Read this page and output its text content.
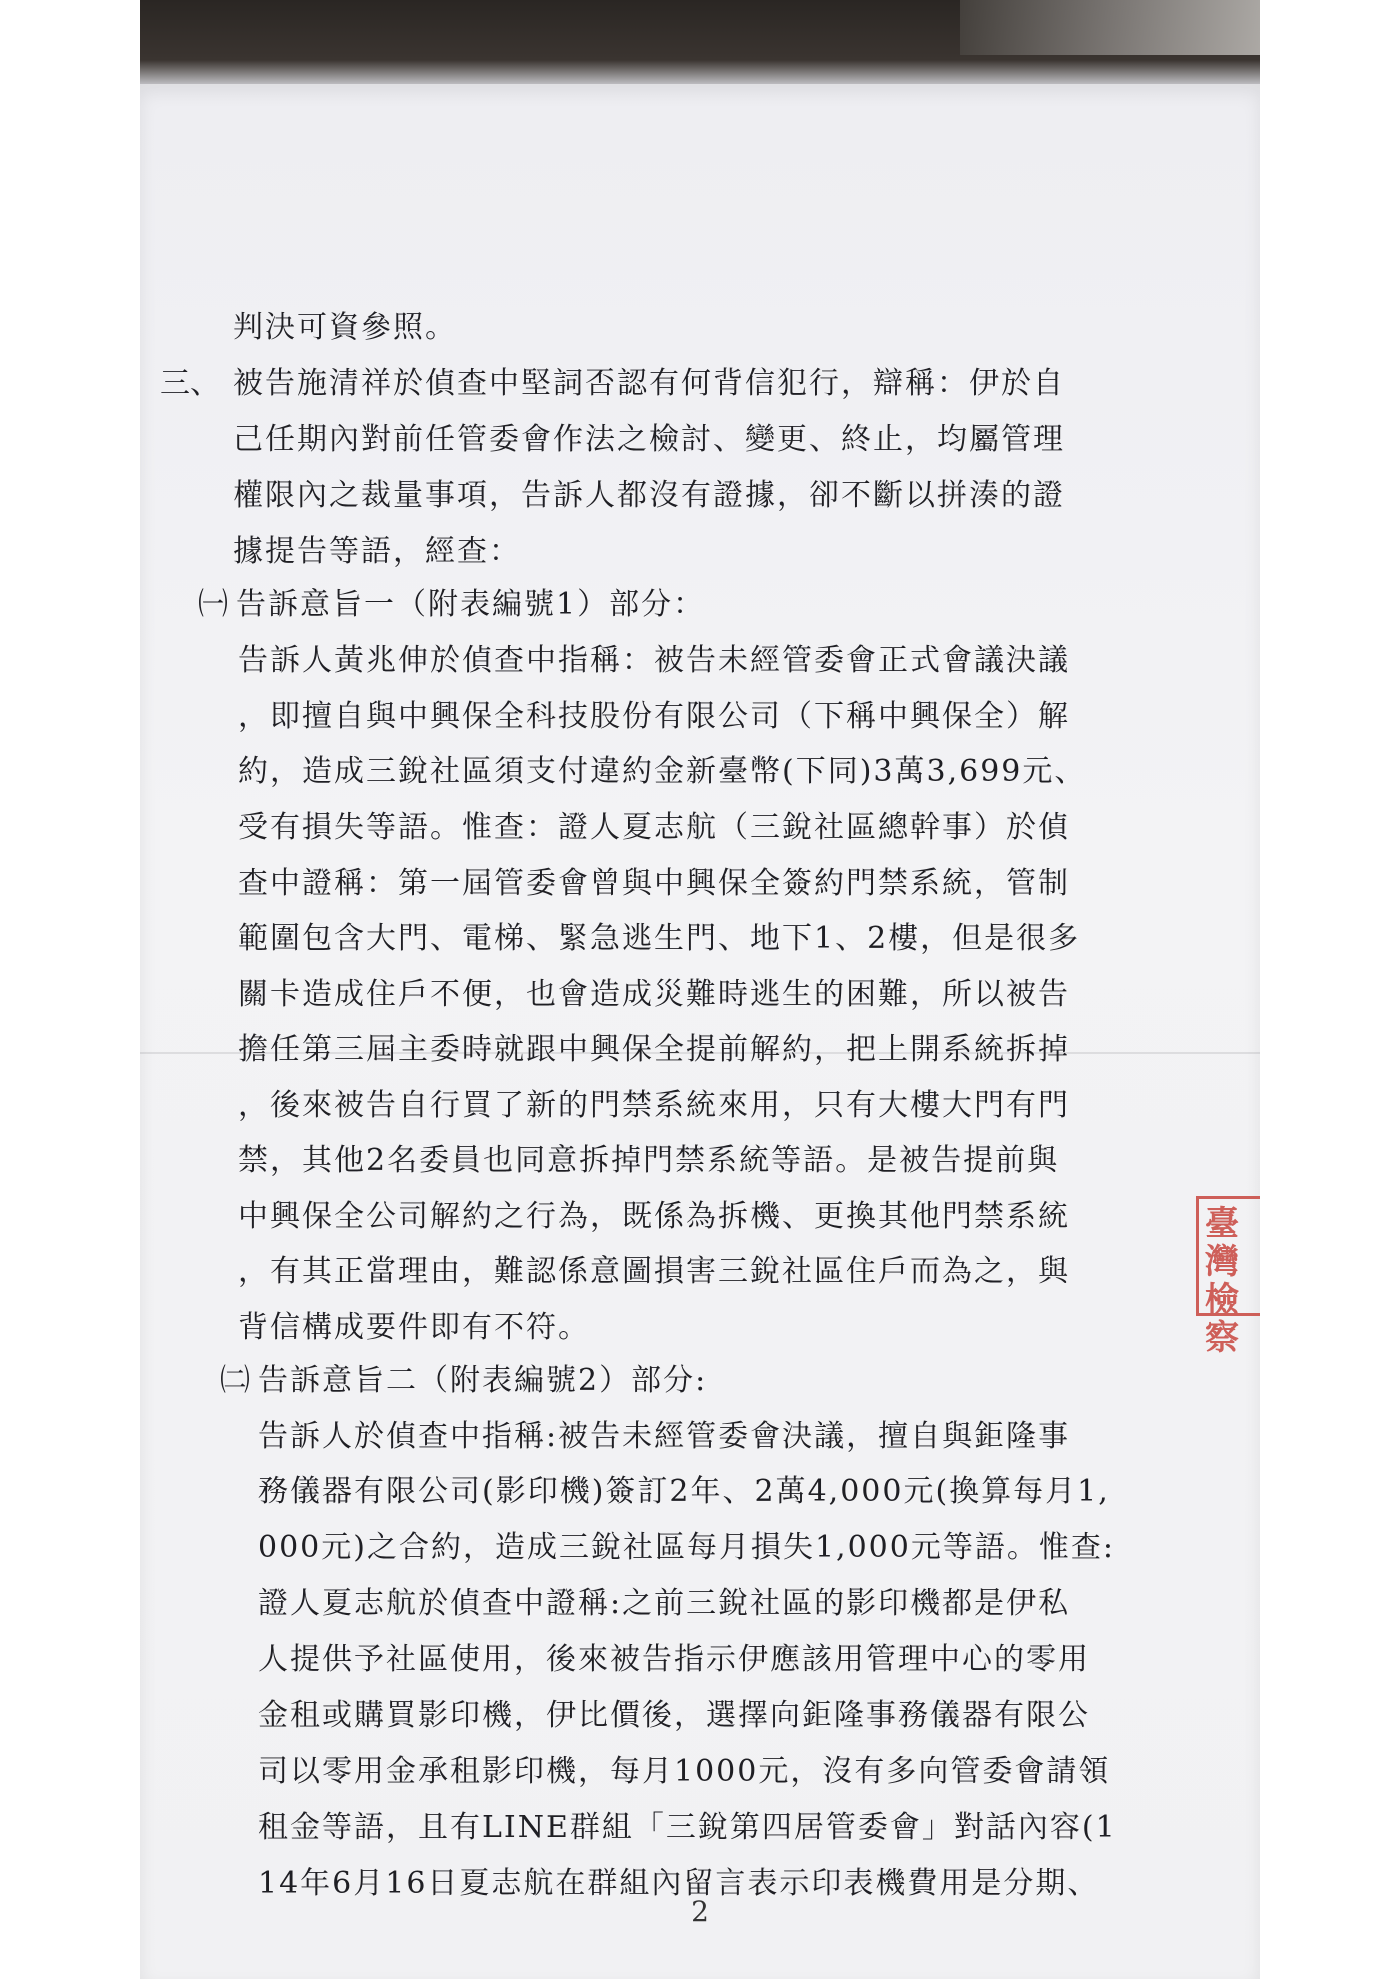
判決可資參照。
三、 被告施清祥於偵查中堅詞否認有何背信犯行，辯稱：伊於自
己任期內對前任管委會作法之檢討、變更、終止，均屬管理
權限內之裁量事項，告訴人都沒有證據，卻不斷以拼湊的證
據提告等語，經查：
㈠ 告訴意旨一（附表編號1）部分：
告訴人黃兆伸於偵查中指稱：被告未經管委會正式會議決議
，即擅自與中興保全科技股份有限公司（下稱中興保全）解
約，造成三銳社區須支付違約金新臺幣(下同)3萬3,699元、
受有損失等語。惟查：證人夏志航（三銳社區總幹事）於偵
查中證稱：第一屆管委會曾與中興保全簽約門禁系統，管制
範圍包含大門、電梯、緊急逃生門、地下1、2樓，但是很多
關卡造成住戶不便，也會造成災難時逃生的困難，所以被告
擔任第三屆主委時就跟中興保全提前解約，把上開系統拆掉
，後來被告自行買了新的門禁系統來用，只有大樓大門有門
禁，其他2名委員也同意拆掉門禁系統等語。是被告提前與
中興保全公司解約之行為，既係為拆機、更換其他門禁系統
，有其正當理由，難認係意圖損害三銳社區住戶而為之，與
背信構成要件即有不符。
㈡ 告訴意旨二（附表編號2）部分:
告訴人於偵查中指稱:被告未經管委會決議，擅自與鉅隆事
務儀器有限公司(影印機)簽訂2年、2萬4,000元(換算每月1,
000元)之合約，造成三銳社區每月損失1,000元等語。惟查:
證人夏志航於偵查中證稱:之前三銳社區的影印機都是伊私
人提供予社區使用，後來被告指示伊應該用管理中心的零用
金租或購買影印機，伊比價後，選擇向鉅隆事務儀器有限公
司以零用金承租影印機，每月1000元，沒有多向管委會請領
租金等語，且有LINE群組「三銳第四居管委會」對話內容(1
14年6月16日夏志航在群組內留言表示印表機費用是分期、
2
臺灣檢察
